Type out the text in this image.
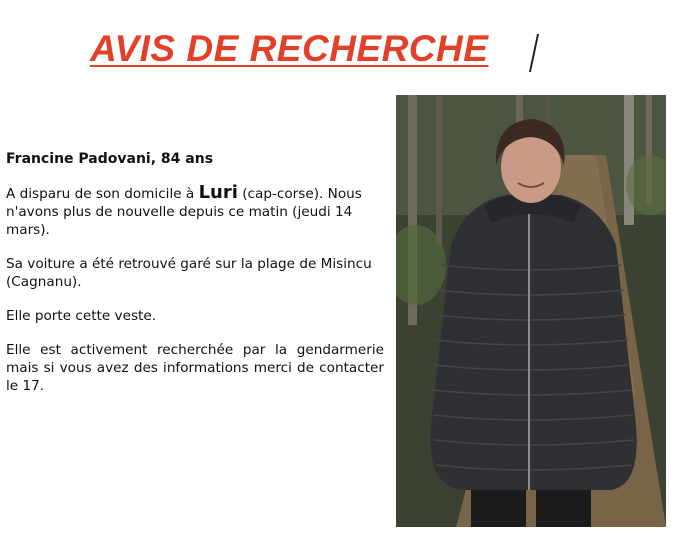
AVIS DE RECHERCHE

Francine Padovani, 84 ans

A disparu de son domicile à Luri (cap-corse). Nous n'avons plus de nouvelle depuis ce matin (jeudi 14 mars).

Sa voiture a été retrouvé garé sur la plage de Misincu (Cagnanu).

Elle porte cette veste.

Elle est activement recherchée par la gendarmerie mais si vous avez des informations merci de contacter le 17.
